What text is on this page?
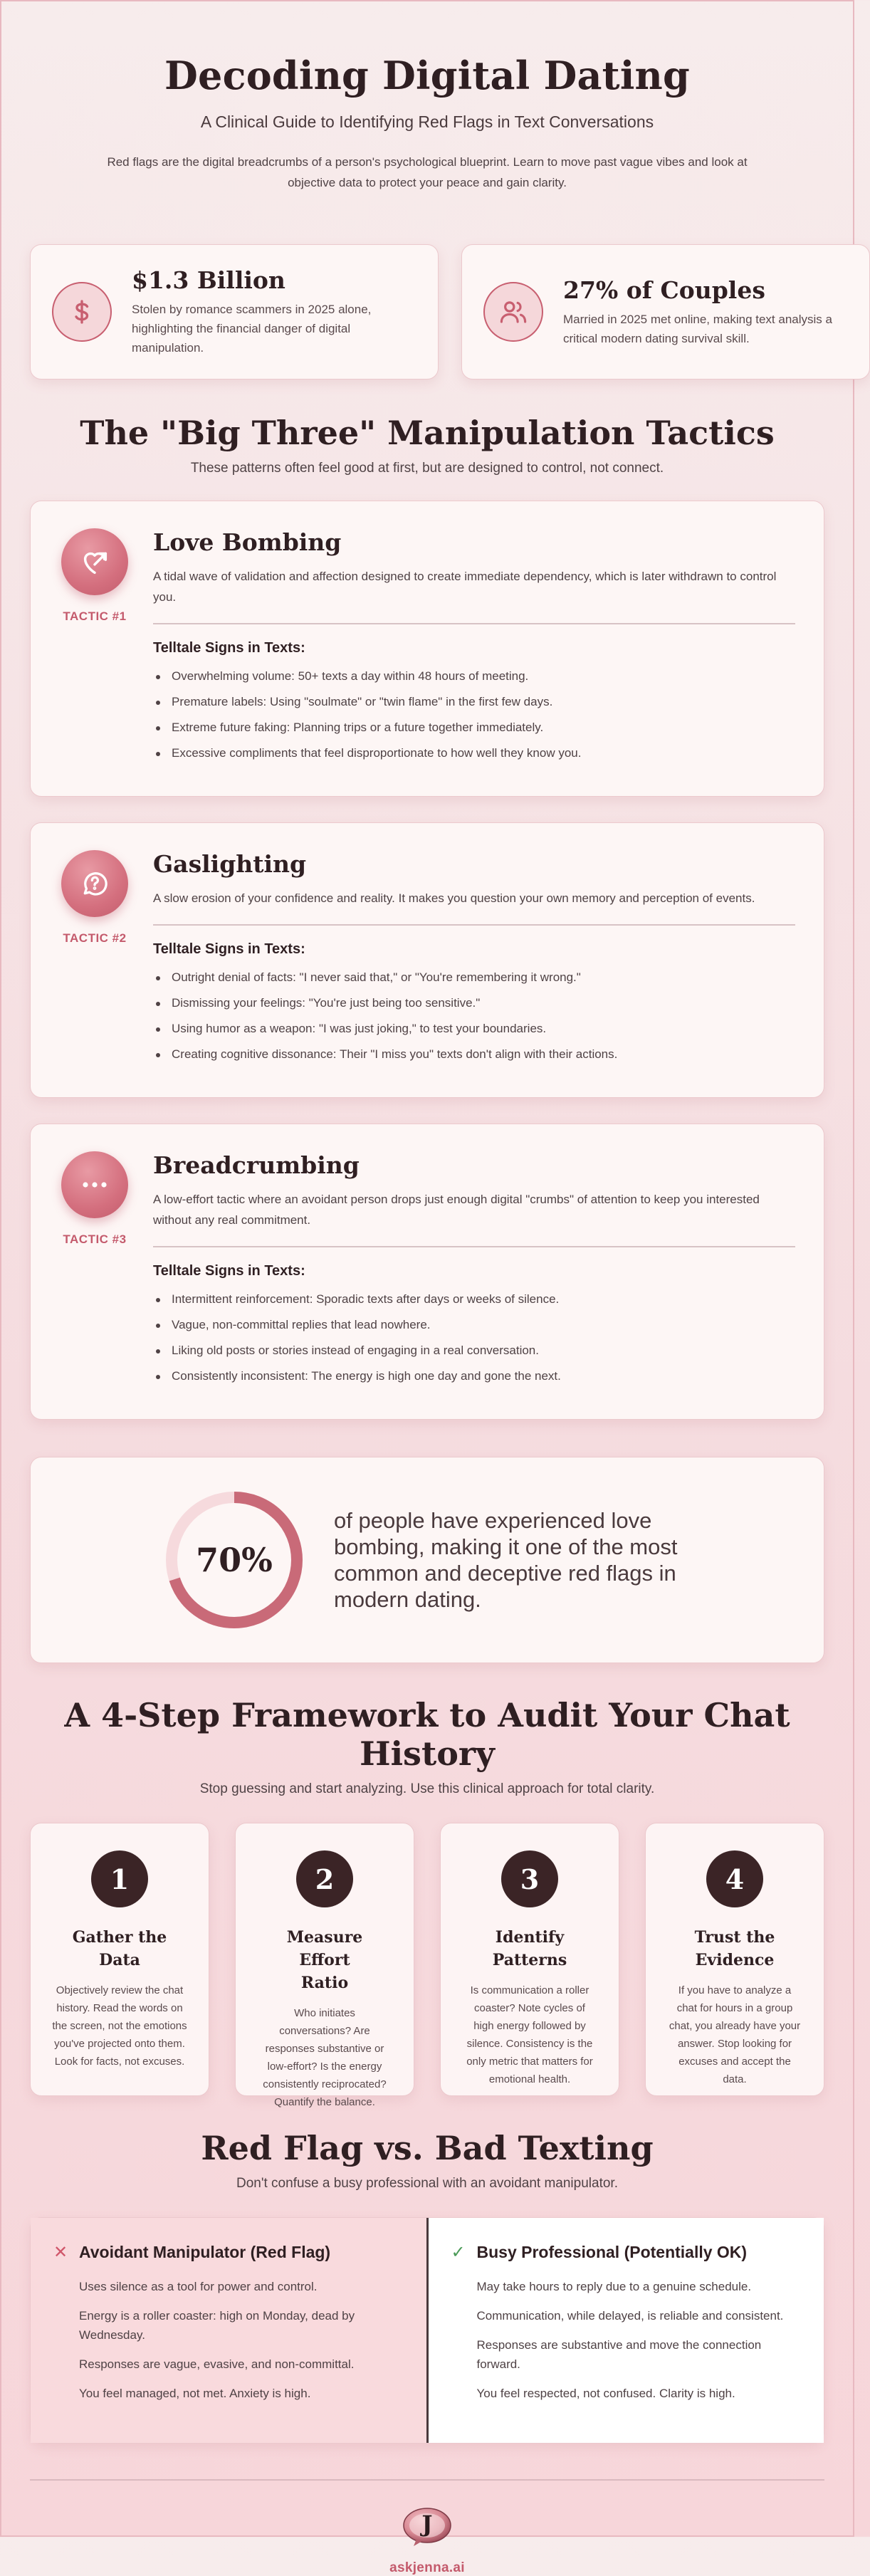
Decoding Digital Dating
A Clinical Guide to Identifying Red Flags in Text Conversations

Red flags are the digital breadcrumbs of a person's psychological blueprint. Learn to move past vague vibes and look at objective data to protect your peace and gain clarity.

$1.3 Billion
Stolen by romance scammers in 2025 alone, highlighting the financial danger of digital manipulation.
27% of Couples
Married in 2025 met online, making text analysis a critical modern dating survival skill.
The "Big Three" Manipulation Tactics
These patterns often feel good at first, but are designed to control, not connect.
TACTIC #1
Love Bombing

A tidal wave of validation and affection designed to create immediate dependency, which is later withdrawn to control you.

Telltale Signs in Texts:
Overwhelming volume: 50+ texts a day within 48 hours of meeting.
Premature labels: Using "soulmate" or "twin flame" in the first few days.
Extreme future faking: Planning trips or a future together immediately.
Excessive compliments that feel disproportionate to how well they know you.
TACTIC #2
Gaslighting

A slow erosion of your confidence and reality. It makes you question your own memory and perception of events.

Telltale Signs in Texts:
Outright denial of facts: "I never said that," or "You're remembering it wrong."
Dismissing your feelings: "You're just being too sensitive."
Using humor as a weapon: "I was just joking," to test your boundaries.
Creating cognitive dissonance: Their "I miss you" texts don't align with their actions.
TACTIC #3
Breadcrumbing

A low-effort tactic where an avoidant person drops just enough digital "crumbs" of attention to keep you interested without any real commitment.

Telltale Signs in Texts:
Intermittent reinforcement: Sporadic texts after days or weeks of silence.
Vague, non-committal replies that lead nowhere.
Liking old posts or stories instead of engaging in a real conversation.
Consistently inconsistent: The energy is high one day and gone the next.
70%
of people have experienced love bombing, making it one of the most common and deceptive red flags in modern dating.
A 4-Step Framework to Audit Your Chat History
Stop guessing and start analyzing. Use this clinical approach for total clarity.
1
Gather the Data

Objectively review the chat history. Read the words on the screen, not the emotions you've projected onto them. Look for facts, not excuses.

2
Measure Effort Ratio

Who initiates conversations? Are responses substantive or low-effort? Is the energy consistently reciprocated? Quantify the balance.

3
Identify Patterns

Is communication a roller coaster? Note cycles of high energy followed by silence. Consistency is the only metric that matters for emotional health.

4
Trust the Evidence

If you have to analyze a chat for hours in a group chat, you already have your answer. Stop looking for excuses and accept the data.

Red Flag vs. Bad Texting
Don't confuse a busy professional with an avoidant manipulator.
✕ Avoidant Manipulator (Red Flag)
Uses silence as a tool for power and control.
Energy is a roller coaster: high on Monday, dead by Wednesday.
Responses are vague, evasive, and non-committal.
You feel managed, not met. Anxiety is high.
✓ Busy Professional (Potentially OK)
May take hours to reply due to a genuine schedule.
Communication, while delayed, is reliable and consistent.
Responses are substantive and move the connection forward.
You feel respected, not confused. Clarity is high.
J
askjenna.ai
